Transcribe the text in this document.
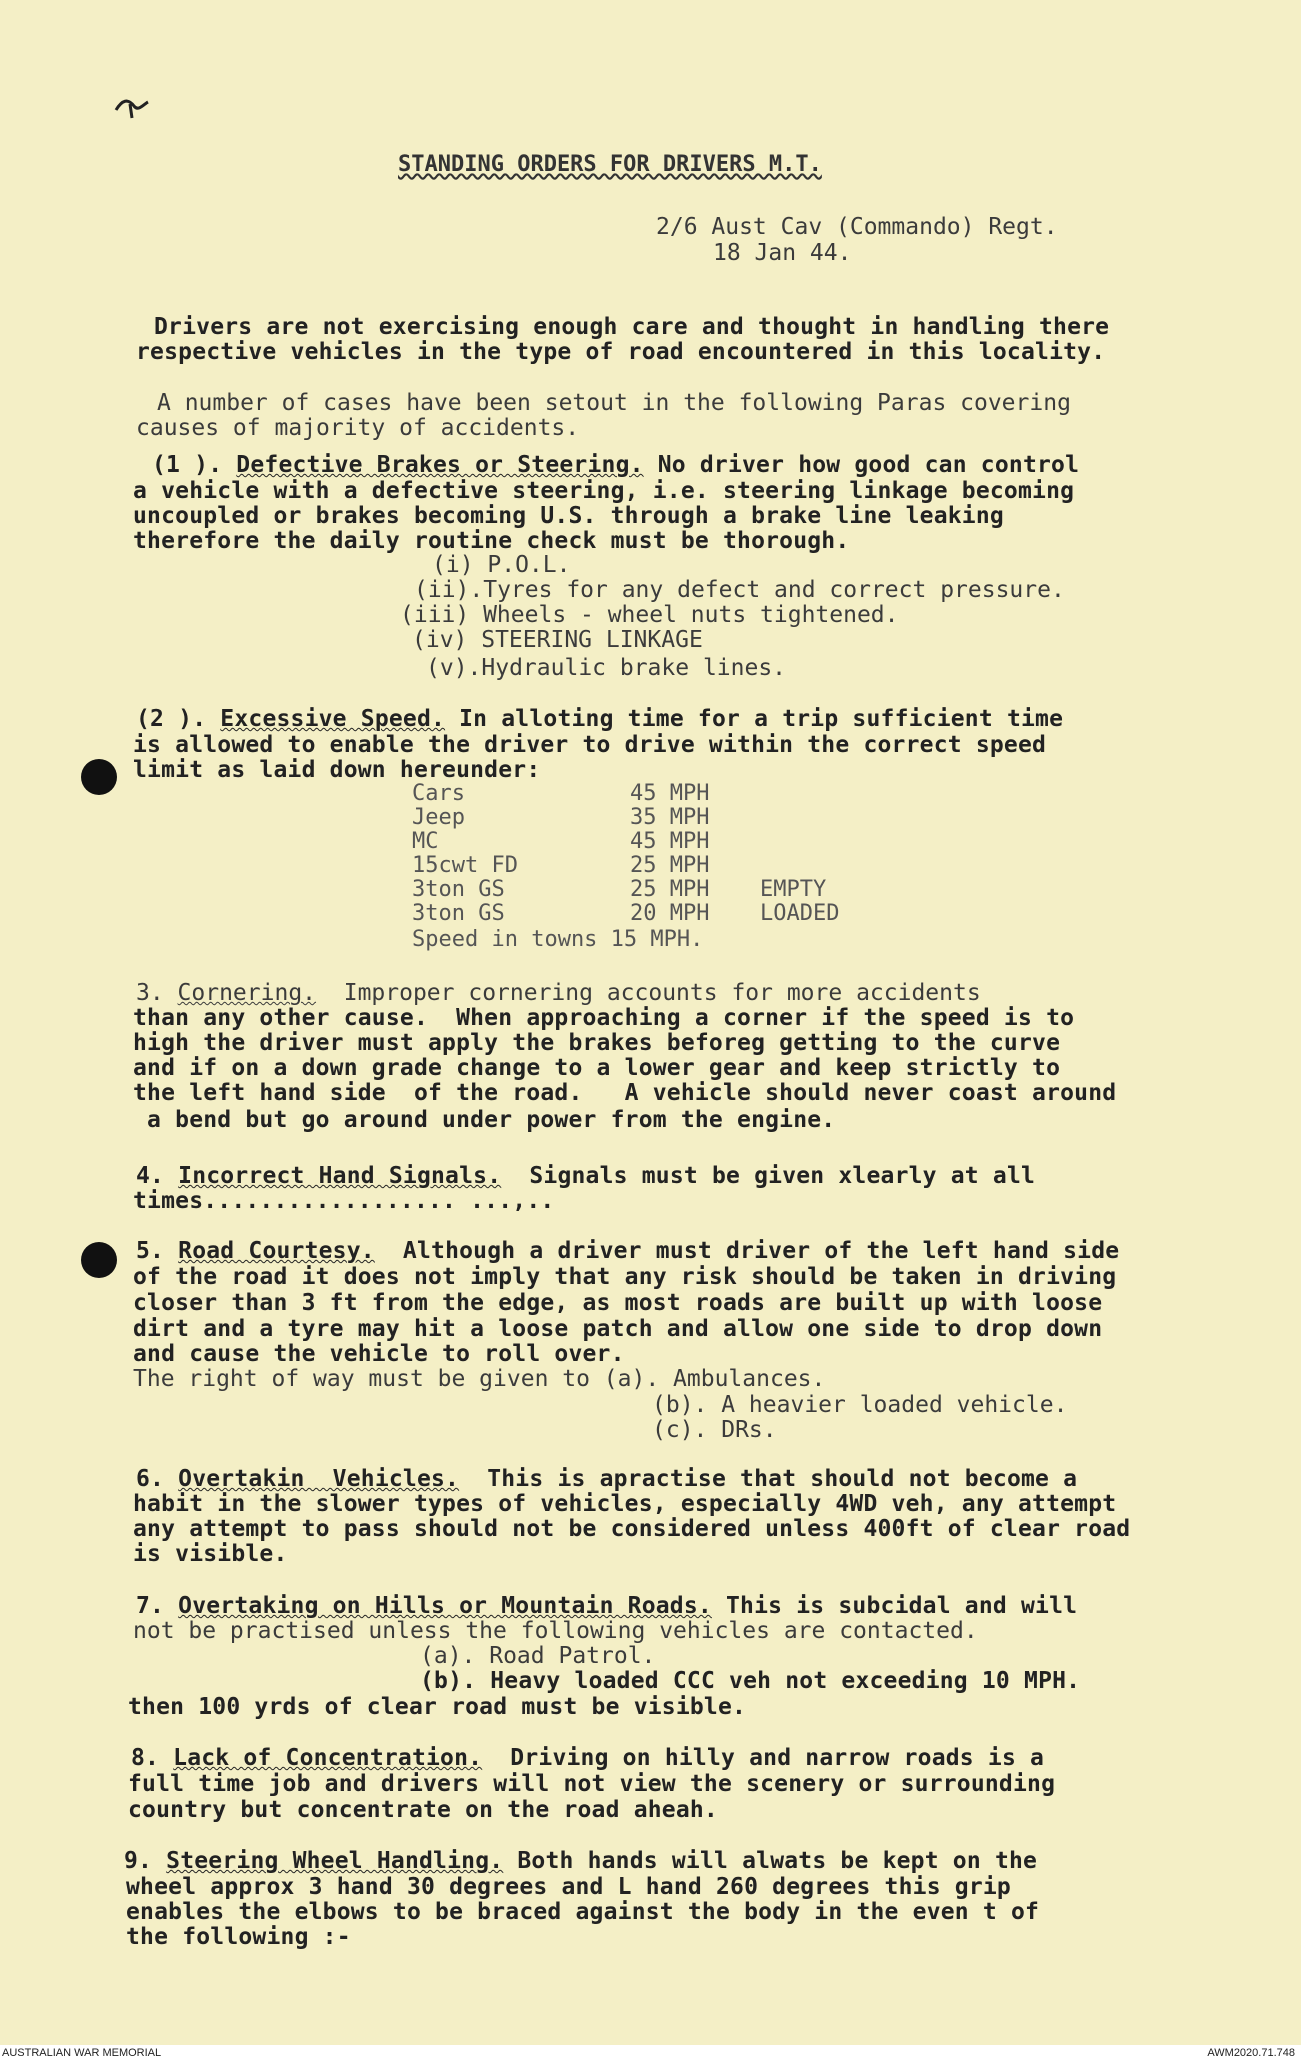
STANDING ORDERS FOR DRIVERS M.T.
2/6 Aust Cav (Commando) Regt.
18 Jan 44.
Drivers are not exercising enough care and thought in handling there
respective vehicles in the type of road encountered in this locality.
A number of cases have been setout in the following Paras covering
causes of majority of accidents.
(1 ). Defective Brakes or Steering. No driver how good can control
a vehicle with a defective steering, i.e. steering linkage becoming
uncoupled or brakes becoming U.S. through a brake line leaking
therefore the daily routine check must be thorough.
(i) P.O.L.
(ii).Tyres for any defect and correct pressure.
(iii) Wheels - wheel nuts tightened.
(iv) STEERING LINKAGE
(v).Hydraulic brake lines.
(2 ). Excessive Speed. In alloting time for a trip sufficient time
is allowed to enable the driver to drive within the correct speed
limit as laid down hereunder:
Cars	45 MPH
Jeep	35 MPH
MC	45 MPH
15cwt FD	25 MPH
3ton GS	25 MPH EMPTY
3ton GS	20 MPH LOADED
Speed in towns 15 MPH.
3. Cornering.  Improper cornering accounts for more accidents
than any other cause.  When approaching a corner if the speed is to
high the driver must apply the brakes beforeg getting to the curve
and if on a down grade change to a lower gear and keep strictly to
the left hand side  of the road.   A vehicle should never coast around
a bend but go around under power from the engine.
4. Incorrect Hand Signals.  Signals must be given xlearly at all
times.................. ...,..
5. Road Courtesy.  Although a driver must driver of the left hand side
of the road it does not imply that any risk should be taken in driving
closer than 3 ft from the edge, as most roads are built up with loose
dirt and a tyre may hit a loose patch and allow one side to drop down
and cause the vehicle to roll over.
The right of way must be given to (a). Ambulances.
(b). A heavier loaded vehicle.
(c). DRs.
6. Overtakin  Vehicles.  This is apractise that should not become a
habit in the slower types of vehicles, especially 4WD veh, any attempt
any attempt to pass should not be considered unless 400ft of clear road
is visible.
7. Overtaking on Hills or Mountain Roads. This is subcidal and will
not be practised unless the following vehicles are contacted.
(a). Road Patrol.
(b). Heavy loaded CCC veh not exceeding 10 MPH.
then 100 yrds of clear road must be visible.
8. Lack of Concentration.  Driving on hilly and narrow roads is a
full time job and drivers will not view the scenery or surrounding
country but concentrate on the road aheah.
9. Steering Wheel Handling. Both hands will alwats be kept on the
wheel approx 3 hand 30 degrees and L hand 260 degrees this grip
enables the elbows to be braced against the body in the even t of
the following :-
AUSTRALIAN WAR MEMORIAL	AWM2020.71.748
